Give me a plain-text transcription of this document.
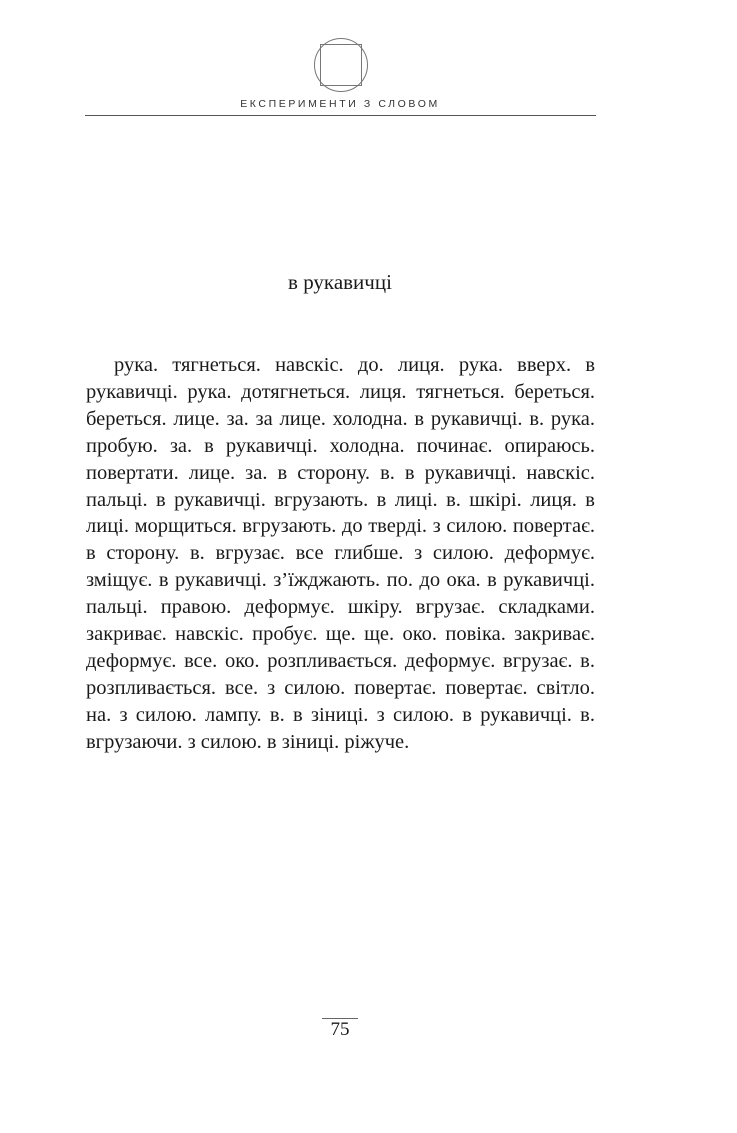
ЕКСПЕРИМЕНТИ З СЛОВОМ
в рукавичці

рука. тягнеться. навскіс. до. лиця. рука. вверх. в рукавичці. рука. дотягнеться. лиця. тягнеться. береться. береться. лице. за. за лице. холодна. в рукавичці. в. рука. пробую. за. в рукавичці. холодна. починає. опираюсь. повертати. лице. за. в сторону. в. в рукавичці. навскіс. пальці. в рукавичці. вгрузають. в лиці. в. шкірі. лиця. в лиці. морщиться. вгрузають. до тверді. з силою. повертає. в сторону. в. вгрузає. все глибше. з силою. деформує. зміщує. в рукавичці. з’їжджають. по. до ока. в рукавичці. пальці. правою. деформує. шкіру. вгрузає. складками. закриває. навскіс. пробує. ще. ще. око. повіка. закриває. деформує. все. око. розпливається. деформує. вгрузає. в. розпливається. все. з силою. повертає. повертає. світло. на. з силою. лампу. в. в зіниці. з силою. в рукавичці. в. вгрузаючи. з силою. в зіниці. ріжуче.

75
